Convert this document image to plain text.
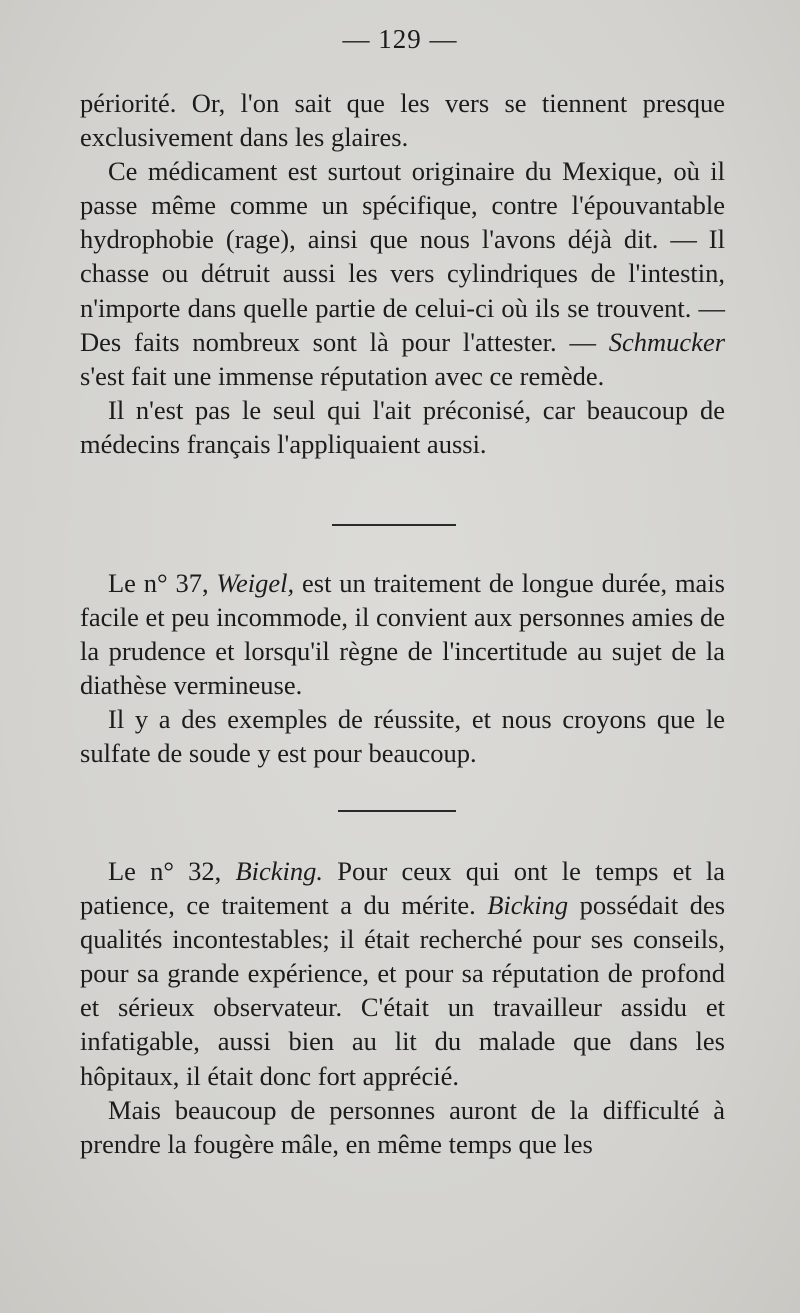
— 129 —

périorité. Or, l'on sait que les vers se tiennent presque exclusivement dans les glaires.

Ce médicament est surtout originaire du Mexique, où il passe même comme un spécifique, contre l'épouvantable hydrophobie (rage), ainsi que nous l'avons déjà dit. — Il chasse ou détruit aussi les vers cylindriques de l'intestin, n'importe dans quelle partie de celui-ci où ils se trouvent. — Des faits nombreux sont là pour l'attester. — Schmucker s'est fait une immense réputation avec ce remède.

Il n'est pas le seul qui l'ait préconisé, car beaucoup de médecins français l'appliquaient aussi.

Le n° 37, Weigel, est un traitement de longue durée, mais facile et peu incommode, il convient aux personnes amies de la prudence et lorsqu'il règne de l'incertitude au sujet de la diathèse vermineuse.

Il y a des exemples de réussite, et nous croyons que le sulfate de soude y est pour beaucoup.

Le n° 32, Bicking. Pour ceux qui ont le temps et la patience, ce traitement a du mérite. Bicking possédait des qualités incontestables; il était recherché pour ses conseils, pour sa grande expérience, et pour sa réputation de profond et sérieux observateur. C'était un travailleur assidu et infatigable, aussi bien au lit du malade que dans les hôpitaux, il était donc fort apprécié.

Mais beaucoup de personnes auront de la difficulté à prendre la fougère mâle, en même temps que les
